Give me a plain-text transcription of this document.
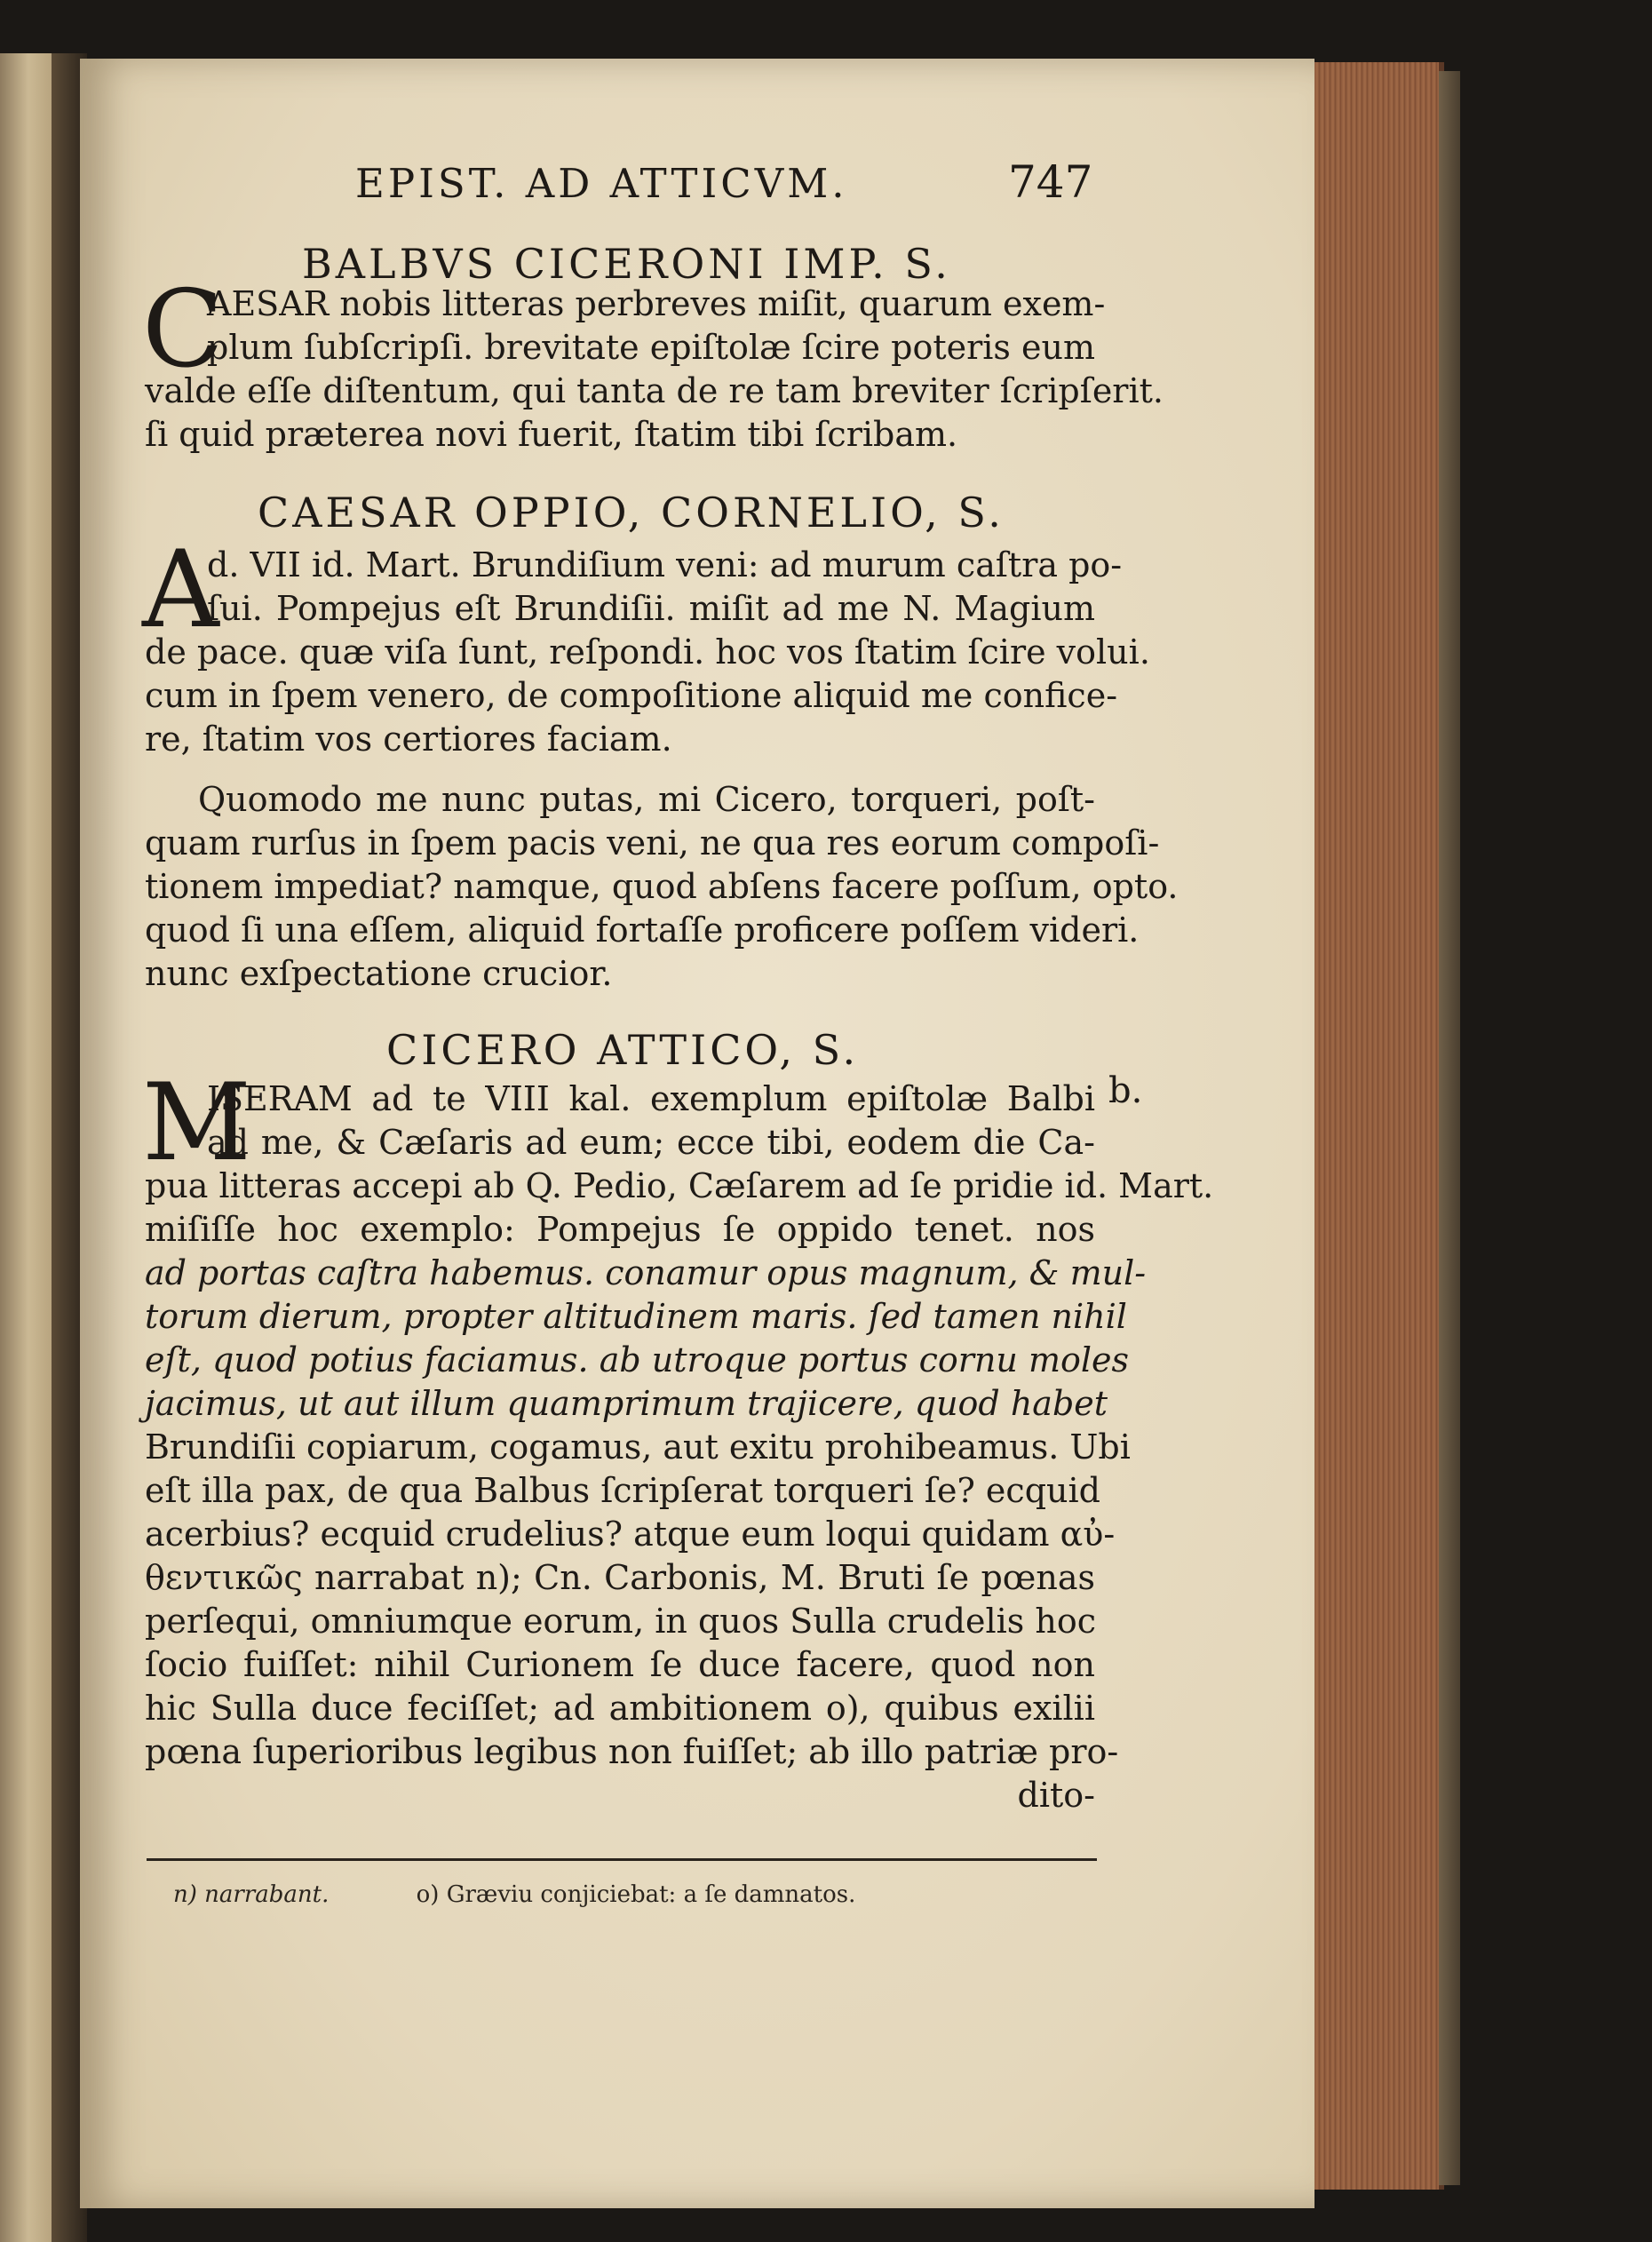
EPIST. AD ATTICVM.	747
BALBVS CICERONI IMP. S.
C
AESAR nobis litteras perbreves miſit, quarum exem-
plum ſubſcripſi. brevitate epiſtolæ ſcire poteris eum
valde eſſe diſtentum, qui tanta de re tam breviter ſcripſerit.
ſi quid præterea novi fuerit, ſtatim tibi ſcribam.
CAESAR OPPIO, CORNELIO, S.
A
d. VII id. Mart. Brundiſium veni: ad murum caſtra po-
ſui. Pompejus eſt Brundiſii. miſit ad me N. Magium
de pace. quæ viſa ſunt, reſpondi. hoc vos ſtatim ſcire volui.
cum in ſpem venero, de compoſitione aliquid me confice-
re, ſtatim vos certiores faciam.
Quomodo me nunc putas, mi Cicero, torqueri, poſt-
quam rurſus in ſpem pacis veni, ne qua res eorum compoſi-
tionem impediat? namque, quod abſens facere poſſum, opto.
quod ſi una eſſem, aliquid fortaſſe proficere poſſem videri.
nunc exſpectatione crucior.
CICERO ATTICO, S.
M	b.
ISERAM ad te VIII kal. exemplum epiſtolæ Balbi
ad me, & Cæſaris ad eum; ecce tibi, eodem die Ca-
pua litteras accepi ab Q. Pedio, Cæſarem ad ſe pridie id. Mart.
miſiſſe hoc exemplo: Pompejus ſe oppido tenet. nos
ad portas caſtra habemus. conamur opus magnum, & mul-
torum dierum, propter altitudinem maris. ſed tamen nihil
eſt, quod potius faciamus. ab utroque portus cornu moles
jacimus, ut aut illum quamprimum trajicere, quod habet
Brundiſii copiarum, cogamus, aut exitu prohibeamus. Ubi
eſt illa pax, de qua Balbus ſcripſerat torqueri ſe? ecquid
acerbius? ecquid crudelius? atque eum loqui quidam αὐ-
θεντικῶς narrabat n); Cn. Carbonis, M. Bruti ſe pœnas
perſequi, omniumque eorum, in quos Sulla crudelis hoc
ſocio fuiſſet: nihil Curionem ſe duce facere, quod non
hic Sulla duce feciſſet; ad ambitionem o), quibus exilii
pœna ſuperioribus legibus non fuiſſet; ab illo patriæ pro-
dito-
n) narrabant.	o) Græviu conjiciebat: a ſe damnatos.
